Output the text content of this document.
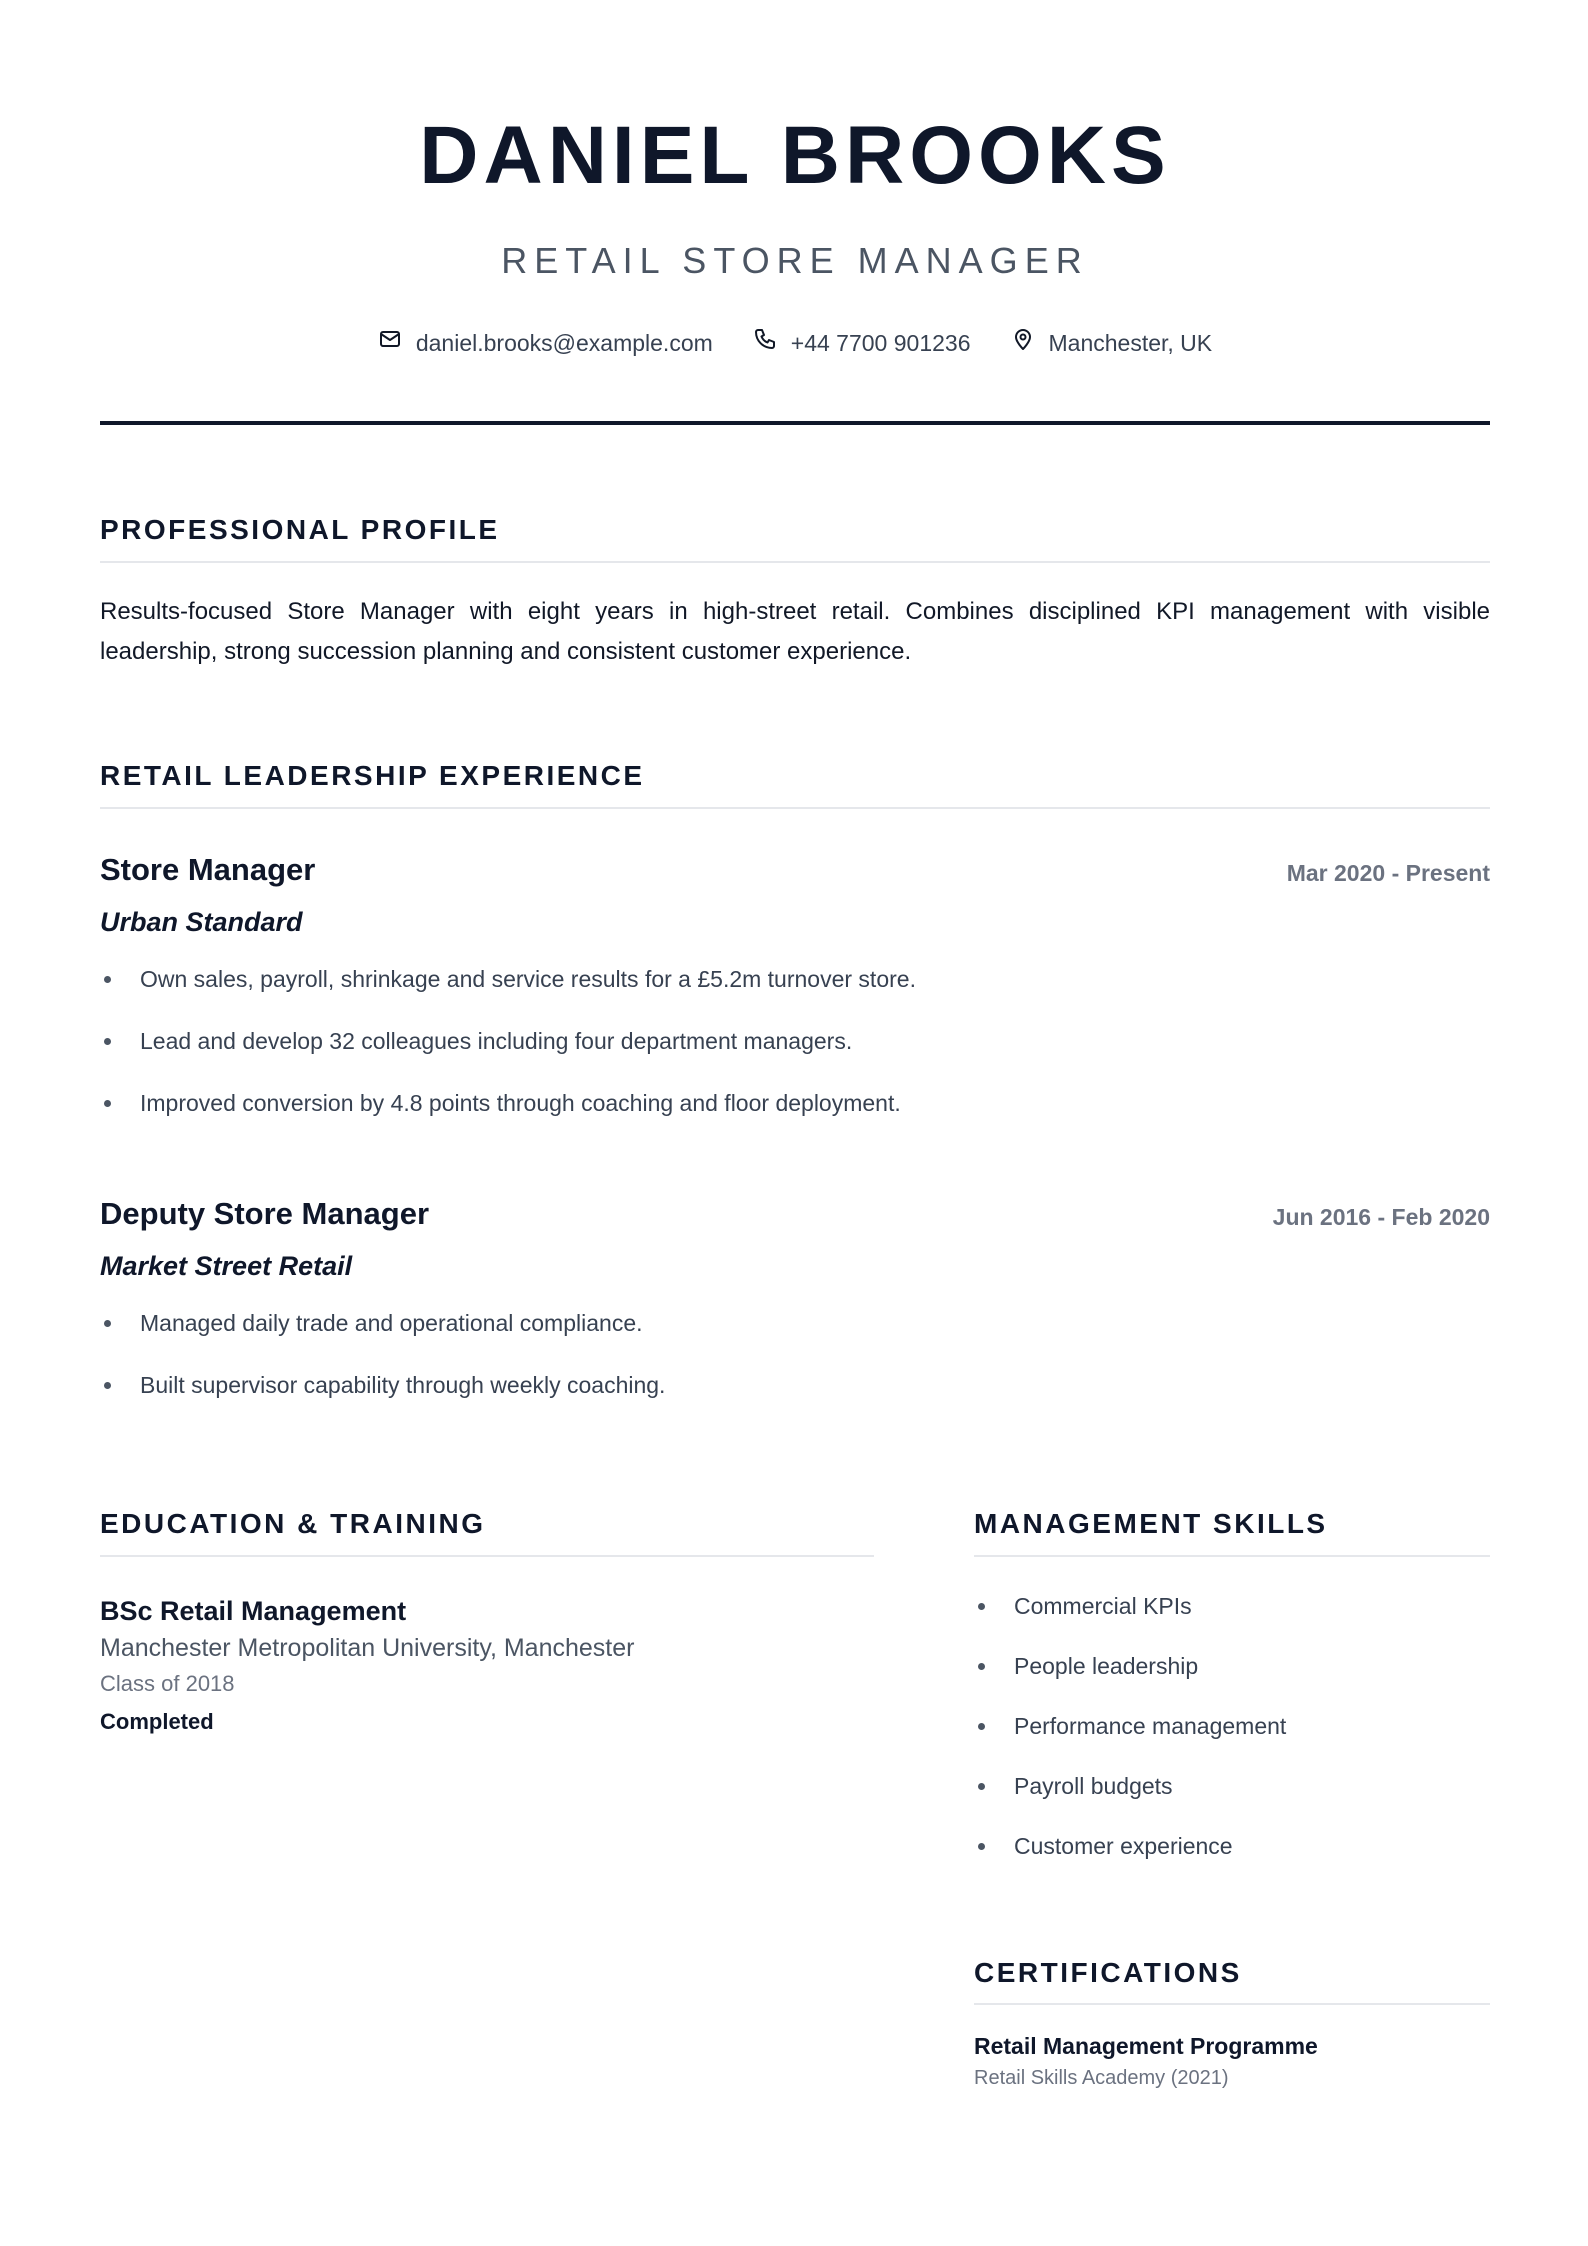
DANIEL BROOKS
RETAIL STORE MANAGER
daniel.brooks@example.com	+44 7700 901236	Manchester, UK
PROFESSIONAL PROFILE
Results-focused Store Manager with eight years in high-street retail. Combines disciplined KPI management with visible leadership, strong succession planning and consistent customer experience.
RETAIL LEADERSHIP EXPERIENCE
Store Manager	Mar 2020 - Present
Urban Standard
Own sales, payroll, shrinkage and service results for a £5.2m turnover store.
Lead and develop 32 colleagues including four department managers.
Improved conversion by 4.8 points through coaching and floor deployment.
Deputy Store Manager	Jun 2016 - Feb 2020
Market Street Retail
Managed daily trade and operational compliance.
Built supervisor capability through weekly coaching.
EDUCATION & TRAINING
BSc Retail Management
Manchester Metropolitan University, Manchester
Class of 2018
Completed
MANAGEMENT SKILLS
Commercial KPIs
People leadership
Performance management
Payroll budgets
Customer experience
CERTIFICATIONS
Retail Management Programme
Retail Skills Academy (2021)
